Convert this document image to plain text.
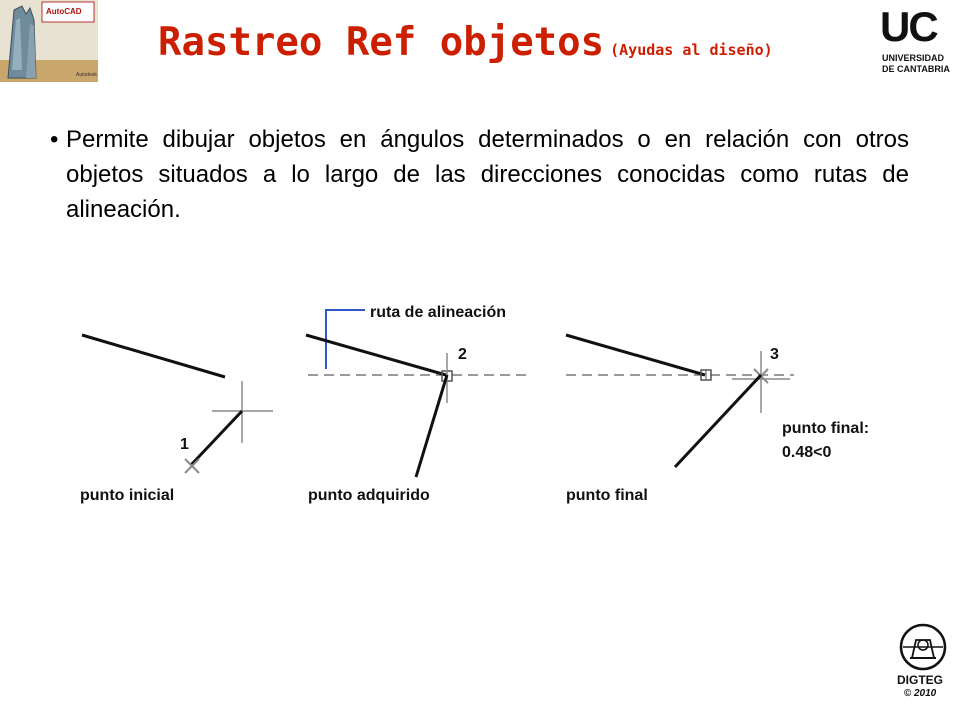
AutoCAD
Autodesk
Rastreo Ref objetos (Ayudas al diseño)	UC
UNIVERSIDAD
DE CANTABRIA
• Permite dibujar objetos en ángulos determinados o en relación con otros objetos situados a lo largo de las direcciones conocidas como rutas de alineación.
1
punto inicial
ruta de alineación
2
punto adquirido
3
punto final:
0.48<0
punto final
DIGTEG
© 2010
